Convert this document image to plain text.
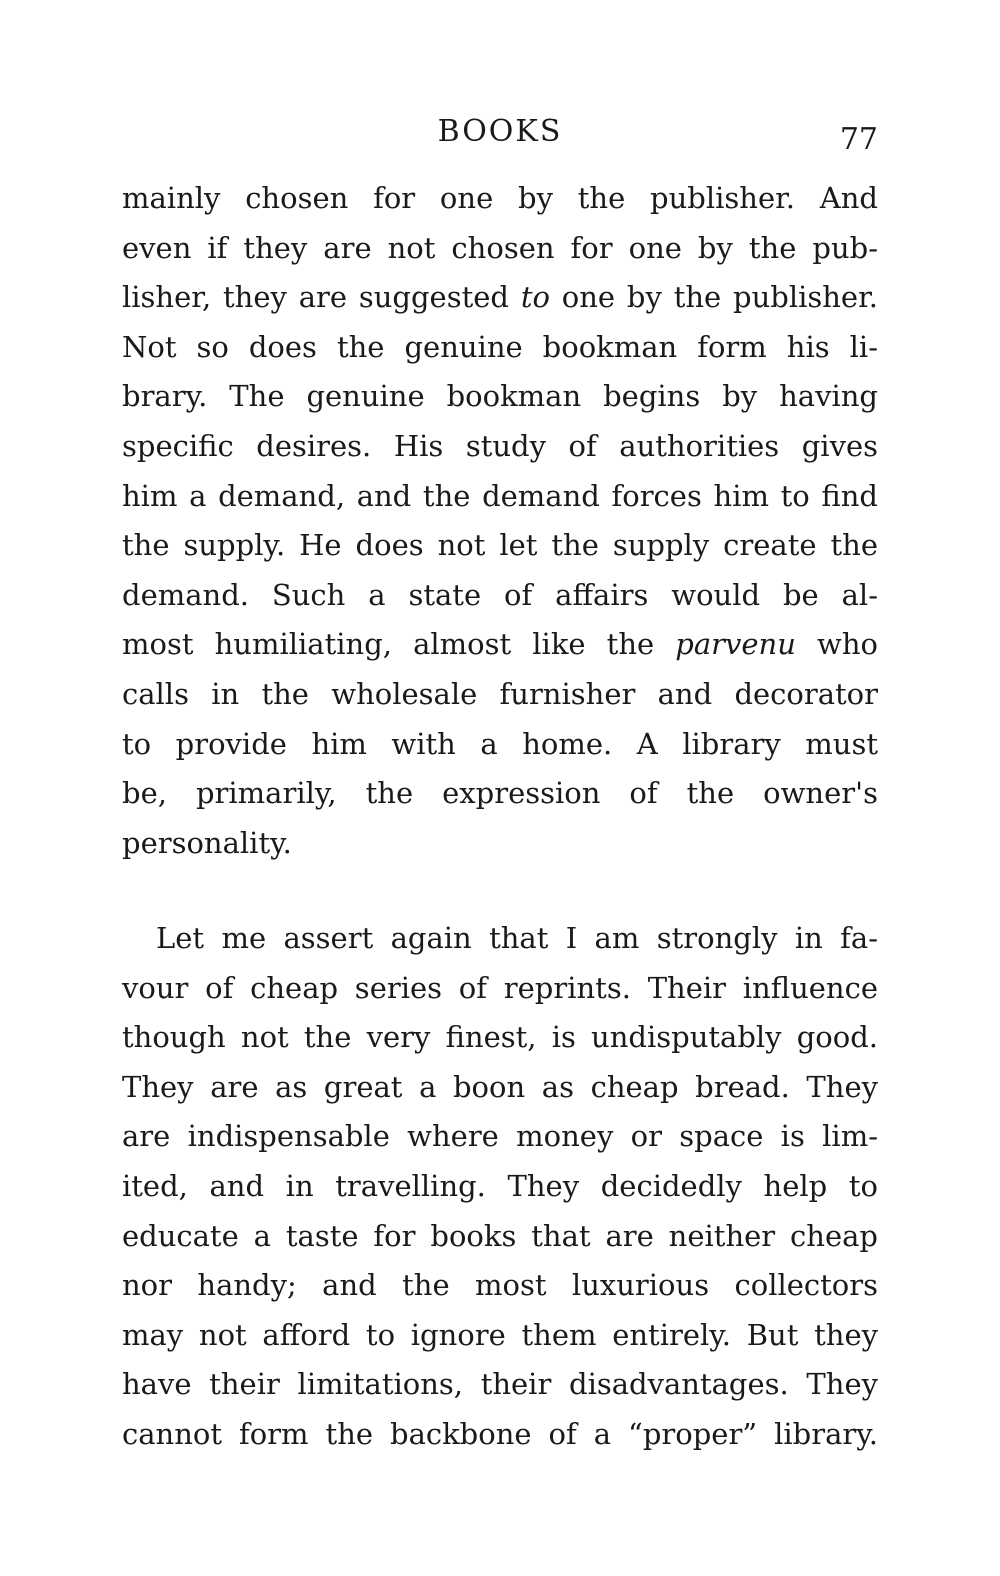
BOOKS	77
mainly chosen for one by the publisher. And
even if they are not chosen for one by the pub-
lisher, they are suggested to one by the publisher.
Not so does the genuine bookman form his li-
brary. The genuine bookman begins by having
specific desires. His study of authorities gives
him a demand, and the demand forces him to find
the supply. He does not let the supply create the
demand. Such a state of affairs would be al-
most humiliating, almost like the parvenu who
calls in the wholesale furnisher and decorator
to provide him with a home. A library must
be, primarily, the expression of the owner's
personality.
Let me assert again that I am strongly in fa-
vour of cheap series of reprints. Their influence
though not the very finest, is undisputably good.
They are as great a boon as cheap bread. They
are indispensable where money or space is lim-
ited, and in travelling. They decidedly help to
educate a taste for books that are neither cheap
nor handy; and the most luxurious collectors
may not afford to ignore them entirely. But they
have their limitations, their disadvantages. They
cannot form the backbone of a “proper” library.
